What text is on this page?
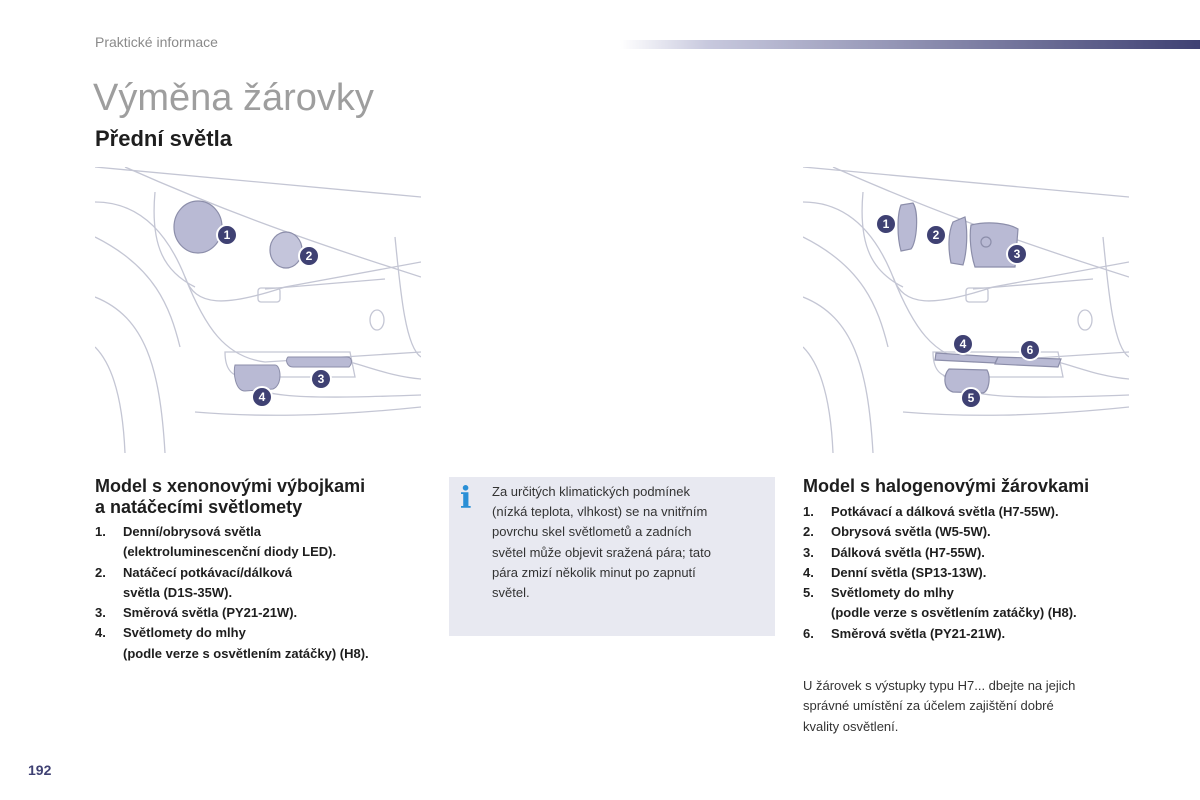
Praktické informace
Výměna žárovky
Přední světla
1
2
3
4
1
2
3
4	6
5
Model s xenonovými výbojkami
a natáčecími světlomety
1. Denní/obrysová světla
(elektroluminescenční diody LED).
2. Natáčecí potkávací/dálková
světla (D1S-35W).
3. Směrová světla (PY21-21W).
4. Světlomety do mlhy
(podle verze s osvětlením zatáčky) (H8).
i Za určitých klimatických podmínek
(nízká teplota, vlhkost) se na vnitřním
povrchu skel světlometů a zadních
světel může objevit sražená pára; tato
pára zmizí několik minut po zapnutí
světel.
Model s halogenovými žárovkami
1. Potkávací a dálková světla (H7-55W).
2. Obrysová světla (W5-5W).
3. Dálková světla (H7-55W).
4. Denní světla (SP13-13W).
5. Světlomety do mlhy
(podle verze s osvětlením zatáčky) (H8).
6. Směrová světla (PY21-21W).
U žárovek s výstupky typu H7... dbejte na jejich
správné umístění za účelem zajištění dobré
kvality osvětlení.
192
